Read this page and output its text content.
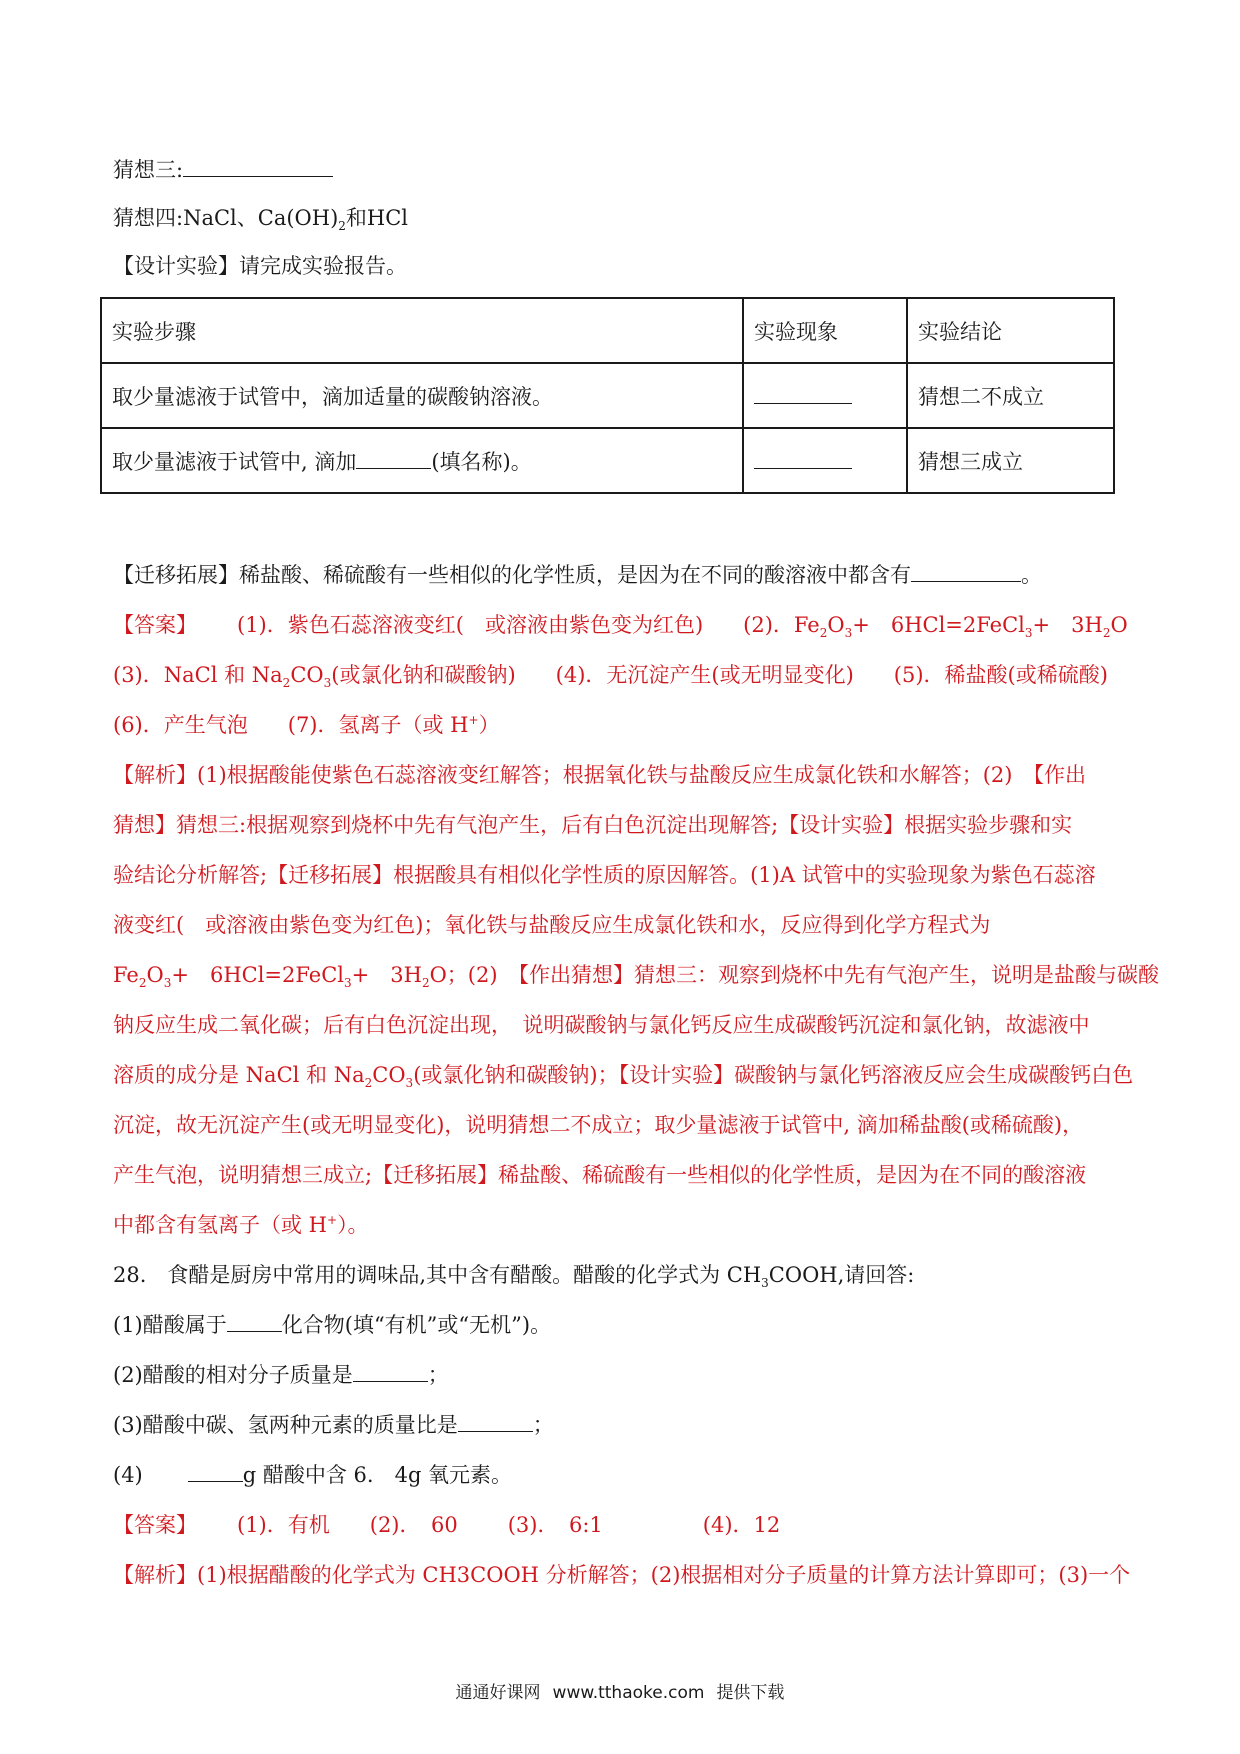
猜想三:
猜想四:NaCl、$Ca(OH)_2$和HCl
【设计实验】请完成实验报告。
实验步骤	实验现象	实验结论
取少量滤液于试管中，滴加适量的碳酸钠溶液。		猜想二不成立
取少量滤液于试管中, 滴加 (填名称)。		猜想三成立
【迁移拓展】稀盐酸、稀硫酸有一些相似的化学性质，是因为在不同的酸溶液中都含有	。
【答案】 (1)．紫色石蕊溶液变红(　或溶液由紫色变为红色) (2)．$Fe_2O_3+$　6HCl=2FeCl$_3$+　$3H_2O$
(3)．NaCl 和 $Na_2CO_3$(或氯化钠和碳酸钠) (4)．无沉淀产生(或无明显变化) (5)．稀盐酸(或稀硫酸)
(6)．产生气泡 (7)．氢离子（或 H+）
【解析】(1)根据酸能使紫色石蕊溶液变红解答；根据氧化铁与盐酸反应生成氯化铁和水解答；(2)　【作出
猜想】猜想三:根据观察到烧杯中先有气泡产生，后有白色沉淀出现解答;【设计实验】根据实验步骤和实
验结论分析解答;【迁移拓展】根据酸具有相似化学性质的原因解答。(1)A 试管中的实验现象为紫色石蕊溶
液变红(　或溶液由紫色变为红色)；氧化铁与盐酸反应生成氯化铁和水，反应得到化学方程式为
$Fe_2O_3+$　6HCl=2FeCl$_3$+　$3H_2O$；(2)　【作出猜想】猜想三：观察到烧杯中先有气泡产生，说明是盐酸与碳酸
钠反应生成二氧化碳；后有白色沉淀出现，　说明碳酸钠与氯化钙反应生成碳酸钙沉淀和氯化钠，故滤液中
溶质的成分是 NaCl 和 $Na_2CO_3$(或氯化钠和碳酸钠)；【设计实验】碳酸钠与氯化钙溶液反应会生成碳酸钙白色
沉淀，故无沉淀产生(或无明显变化)，说明猜想二不成立；取少量滤液于试管中, 滴加稀盐酸(或稀硫酸)，
产生气泡，说明猜想三成立;【迁移拓展】稀盐酸、稀硫酸有一些相似的化学性质，是因为在不同的酸溶液
中都含有氢离子（或 H+）。
28.　食醋是厨房中常用的调味品,其中含有醋酸。醋酸的化学式为 $CH_3COOH$,请回答:
(1)醋酸属于	化合物(填“有机”或“无机”)。
(2)醋酸的相对分子质量是	；
(3)醋酸中碳、氢两种元素的质量比是	；
(4)	g 醋酸中含 6.　4g 氧元素。
【答案】 (1)．有机 (2)．　60 (3)．　6:1	(4)．12
【解析】(1)根据醋酸的化学式为 CH3COOH 分析解答；(2)根据相对分子质量的计算方法计算即可；(3)一个
通通好课网 www.tthaoke.com 提供下载
